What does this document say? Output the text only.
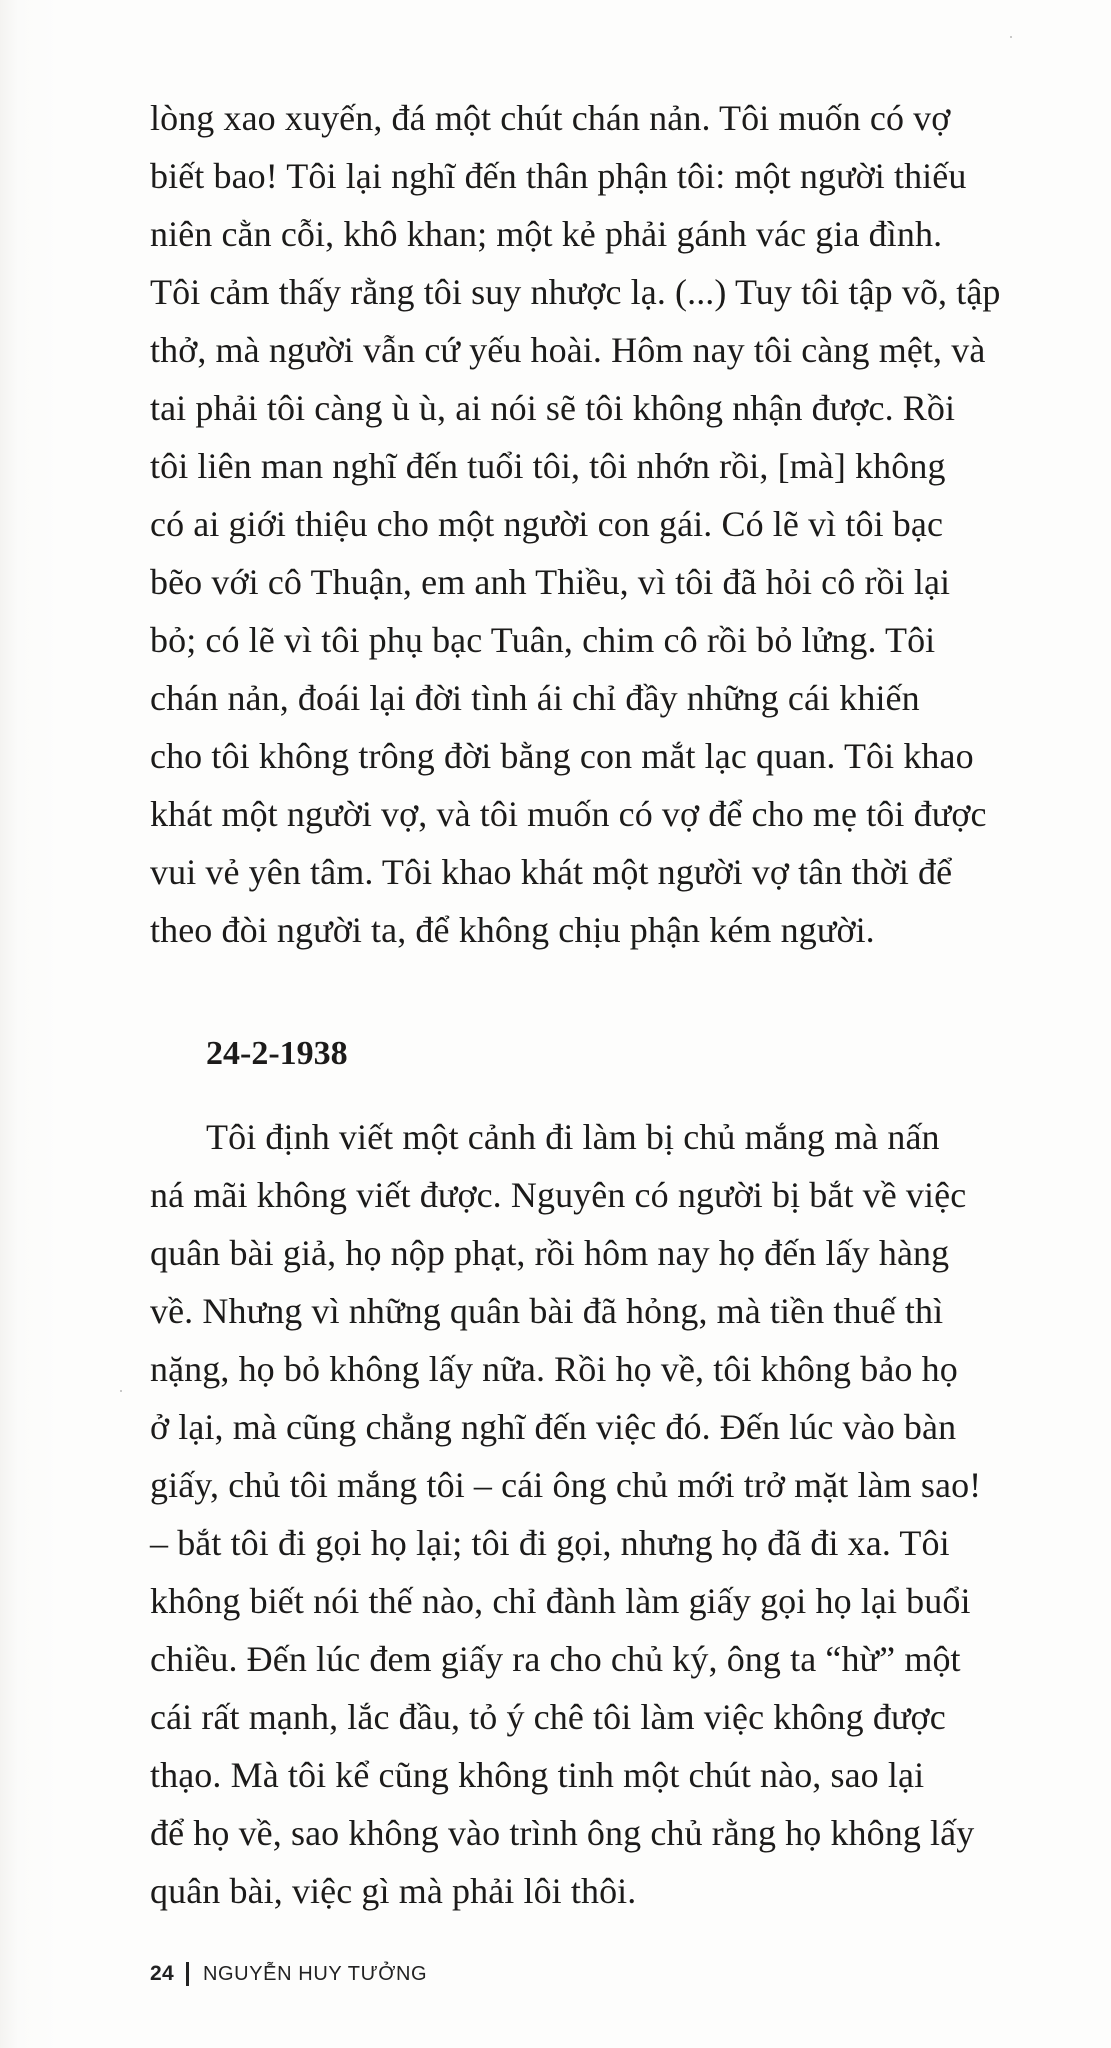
lòng xao xuyến, đá một chút chán nản. Tôi muốn có vợ
biết bao! Tôi lại nghĩ đến thân phận tôi: một người thiếu
niên cằn cỗi, khô khan; một kẻ phải gánh vác gia đình.
Tôi cảm thấy rằng tôi suy nhược lạ. (...) Tuy tôi tập võ, tập
thở, mà người vẫn cứ yếu hoài. Hôm nay tôi càng mệt, và
tai phải tôi càng ù ù, ai nói sẽ tôi không nhận được. Rồi
tôi liên man nghĩ đến tuổi tôi, tôi nhớn rồi, [mà] không
có ai giới thiệu cho một người con gái. Có lẽ vì tôi bạc
bẽo với cô Thuận, em anh Thiều, vì tôi đã hỏi cô rồi lại
bỏ; có lẽ vì tôi phụ bạc Tuân, chim cô rồi bỏ lửng. Tôi
chán nản, đoái lại đời tình ái chỉ đầy những cái khiến
cho tôi không trông đời bằng con mắt lạc quan. Tôi khao
khát một người vợ, và tôi muốn có vợ để cho mẹ tôi được
vui vẻ yên tâm. Tôi khao khát một người vợ tân thời để
theo đòi người ta, để không chịu phận kém người.
24-2-1938
Tôi định viết một cảnh đi làm bị chủ mắng mà nấn
ná mãi không viết được. Nguyên có người bị bắt về việc
quân bài giả, họ nộp phạt, rồi hôm nay họ đến lấy hàng
về. Nhưng vì những quân bài đã hỏng, mà tiền thuế thì
nặng, họ bỏ không lấy nữa. Rồi họ về, tôi không bảo họ
ở lại, mà cũng chẳng nghĩ đến việc đó. Đến lúc vào bàn
giấy, chủ tôi mắng tôi – cái ông chủ mới trở mặt làm sao!
– bắt tôi đi gọi họ lại; tôi đi gọi, nhưng họ đã đi xa. Tôi
không biết nói thế nào, chỉ đành làm giấy gọi họ lại buổi
chiều. Đến lúc đem giấy ra cho chủ ký, ông ta “hừ” một
cái rất mạnh, lắc đầu, tỏ ý chê tôi làm việc không được
thạo. Mà tôi kể cũng không tinh một chút nào, sao lại
để họ về, sao không vào trình ông chủ rằng họ không lấy
quân bài, việc gì mà phải lôi thôi.
24 NGUYỄN HUY TƯỞNG
